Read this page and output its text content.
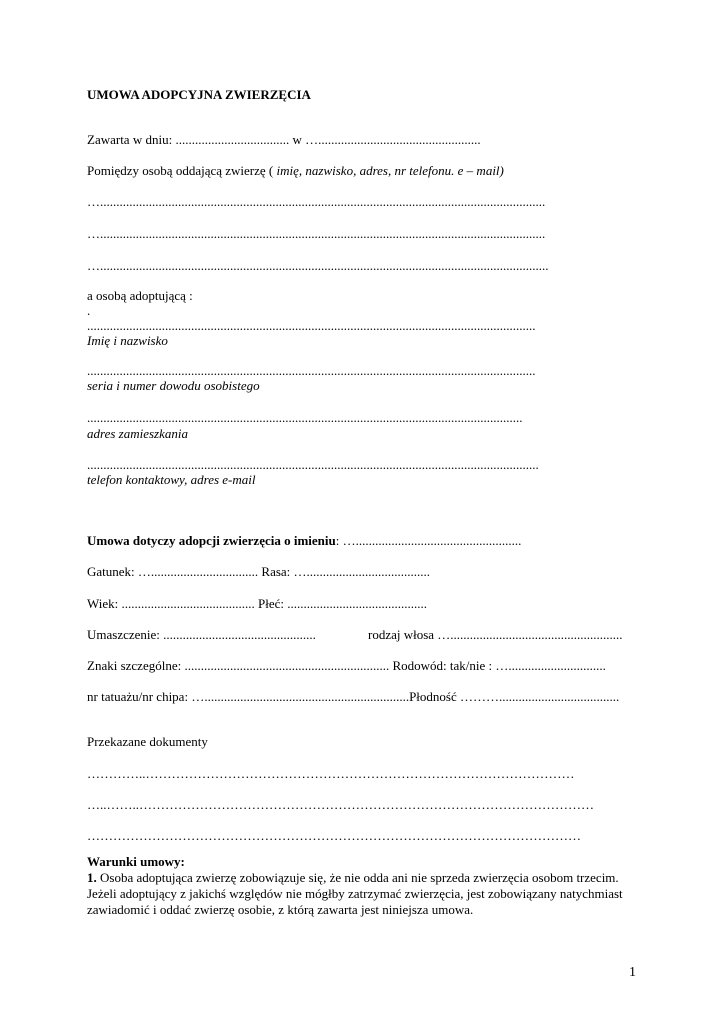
UMOWA ADOPCYJNA ZWIERZĘCIA

Zawarta w dniu: ................................... w …..................................................

Pomiędzy osobą oddającą zwierzę ( imię, nazwisko, adres, nr telefonu. e – mail)

….........................................................................................................................................

….........................................................................................................................................

…..........................................................................................................................................

a osobą adoptującą :

.

..........................................................................................................................................

Imię i nazwisko

..........................................................................................................................................

seria i numer dowodu osobistego

......................................................................................................................................

adres zamieszkania

...........................................................................................................................................

telefon kontaktowy, adres e-mail

Umowa dotyczy adopcji zwierzęcia o imieniu: …...................................................

Gatunek: …................................. Rasa: …......................................

Wiek: ......................................... Płeć: ...........................................

Umaszczenie: ...............................................	rodzaj włosa ….....................................................

Znaki szczególne: ............................................................... Rodowód: tak/nie : …..............................

nr tatuażu/nr chipa: …...............................................................Płodność ……….....................................

Przekazane dokumenty

…………..………………………………………………………………………………………

…..……..……………………………………………………………………………………………

……………………………………………………………………………………………………

Warunki umowy:

1. Osoba adoptująca zwierzę zobowiązuje się, że nie odda ani nie sprzeda zwierzęcia osobom trzecim.

Jeżeli adoptujący z jakichś względów nie mógłby zatrzymać zwierzęcia, jest zobowiązany natychmiast

zawiadomić i oddać zwierzę osobie, z którą zawarta jest niniejsza umowa.

1
